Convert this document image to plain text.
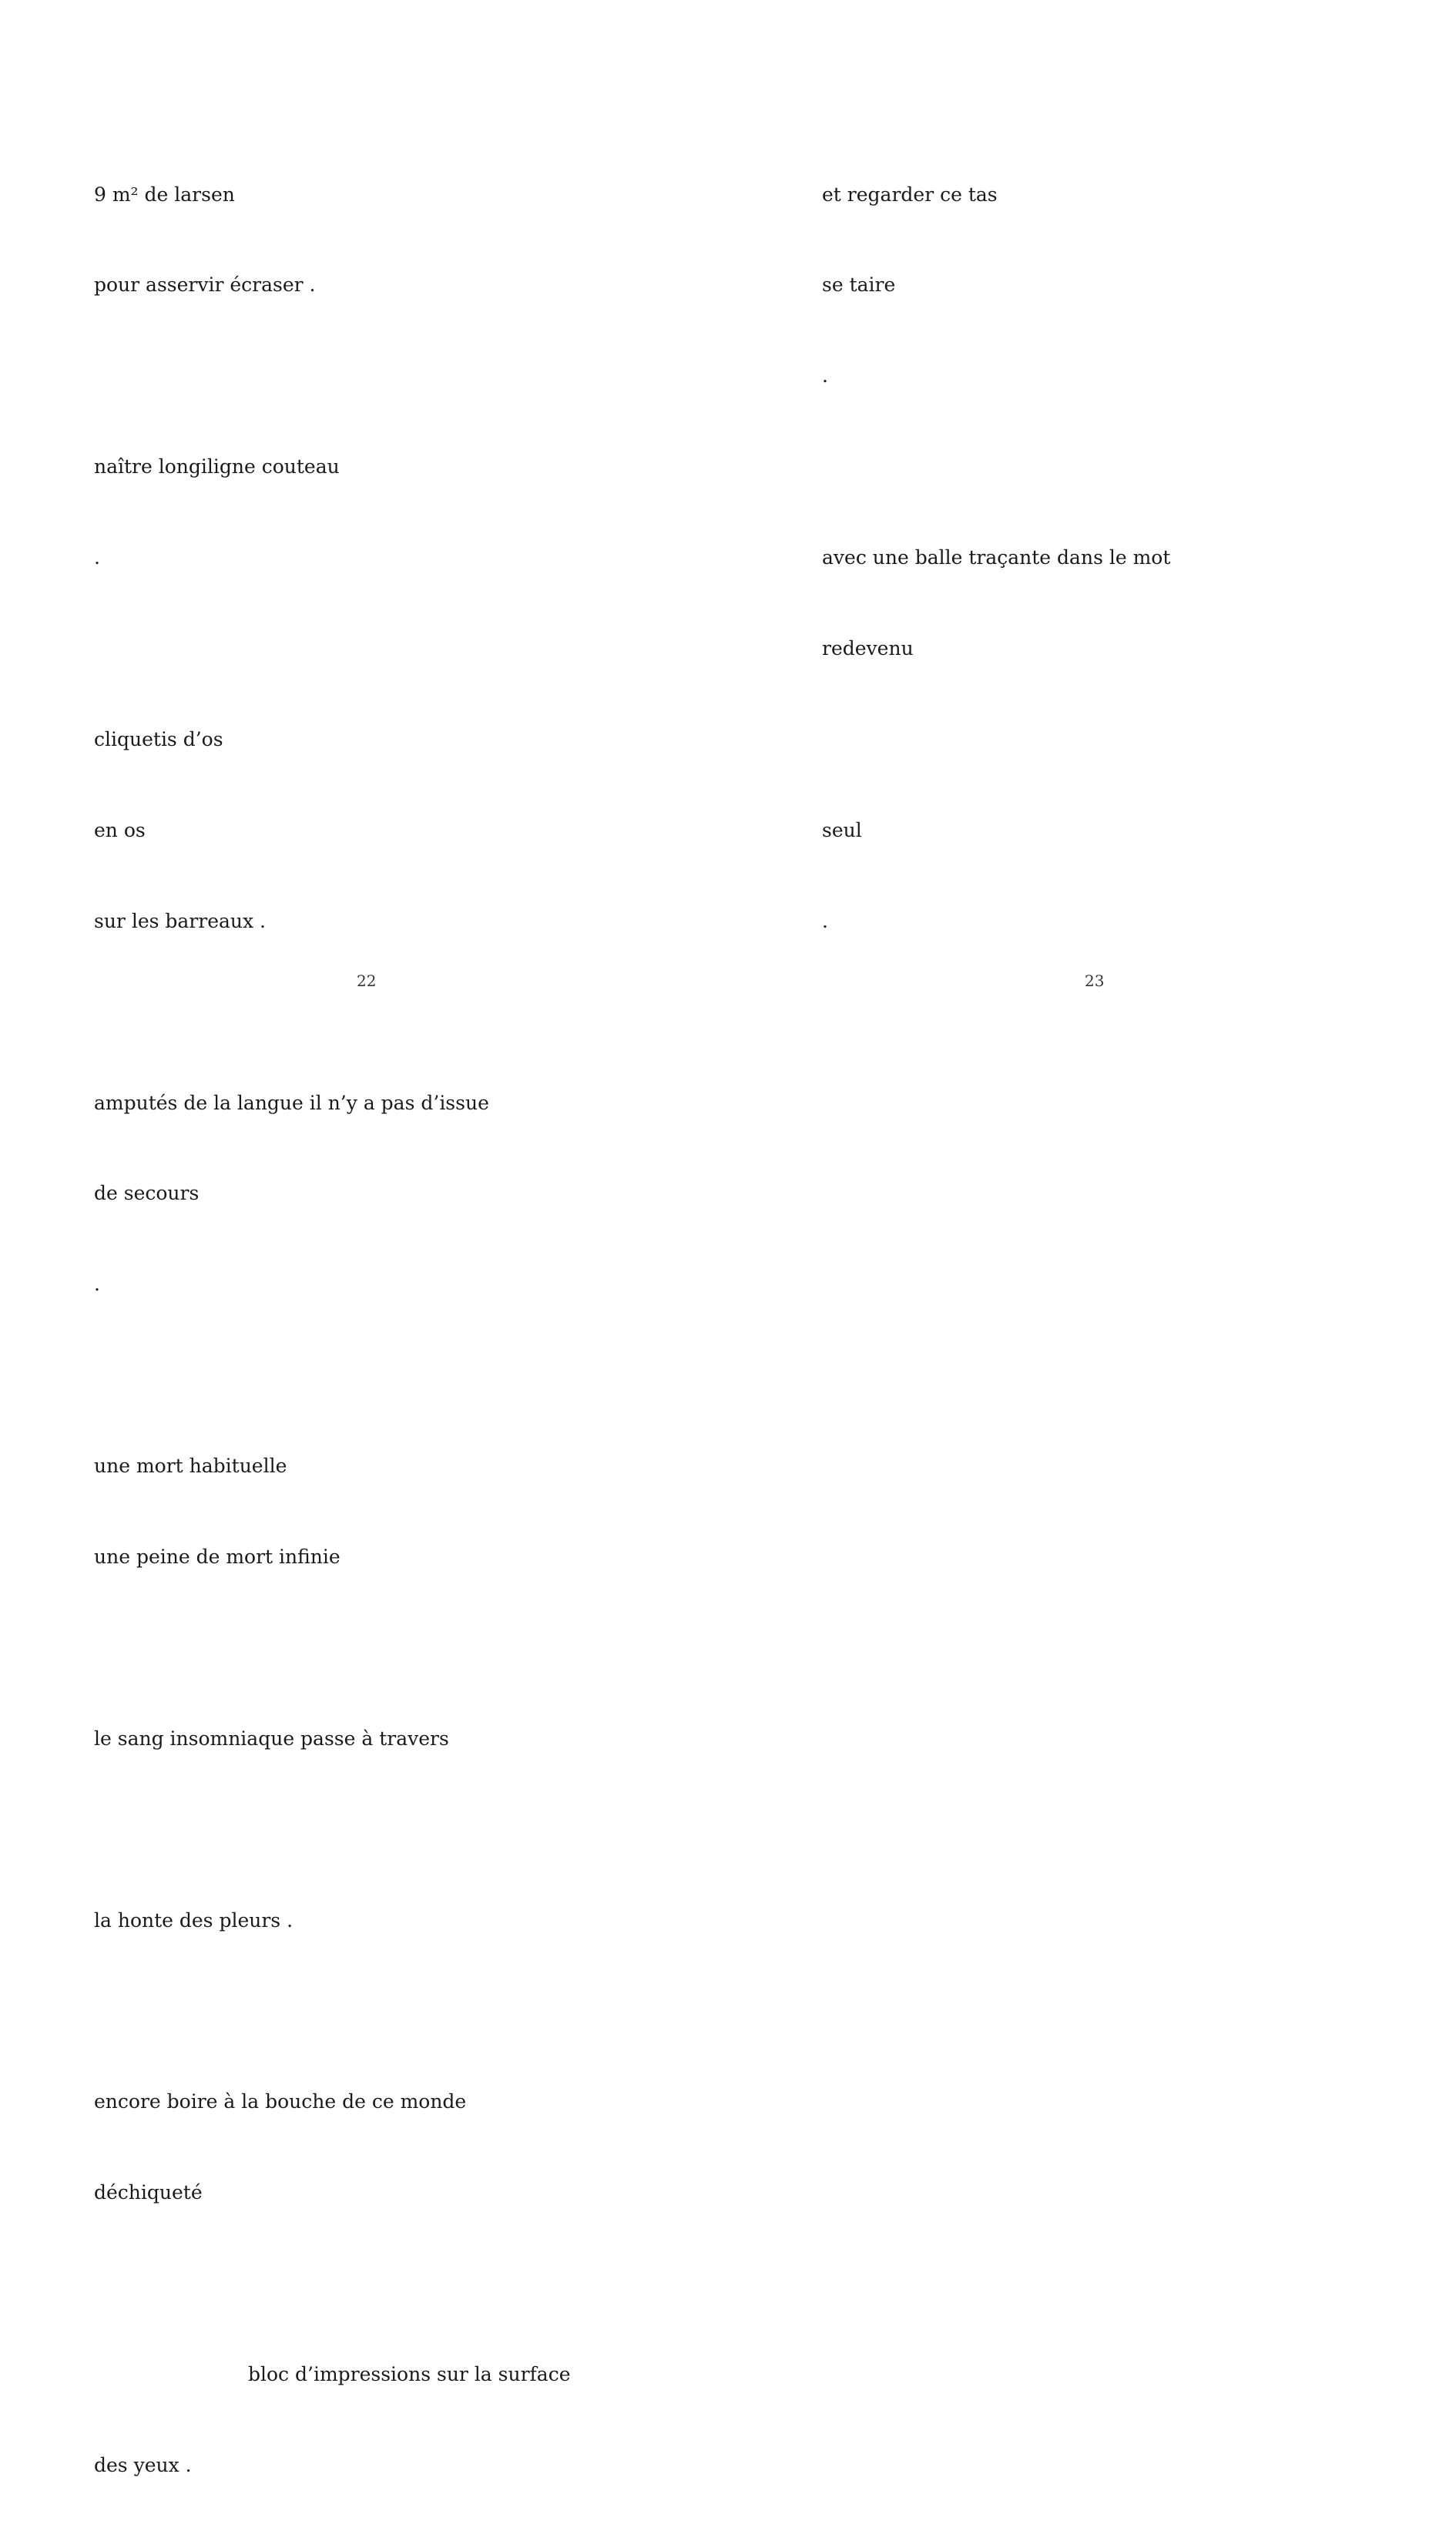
9 m² de larsen

pour asservir écraser .

naître longiligne couteau

.

cliquetis d’os

en os

sur les barreaux .

amputés de la langue il n’y a pas d’issue

de secours

.

une mort habituelle

une peine de mort infinie

le sang insomniaque passe à travers

la honte des pleurs .

encore boire à la bouche de ce monde

déchiqueté

bloc d’impressions sur la surface

des yeux .

22

et regarder ce tas

se taire

.

avec une balle traçante dans le mot

redevenu

seul

.

23
